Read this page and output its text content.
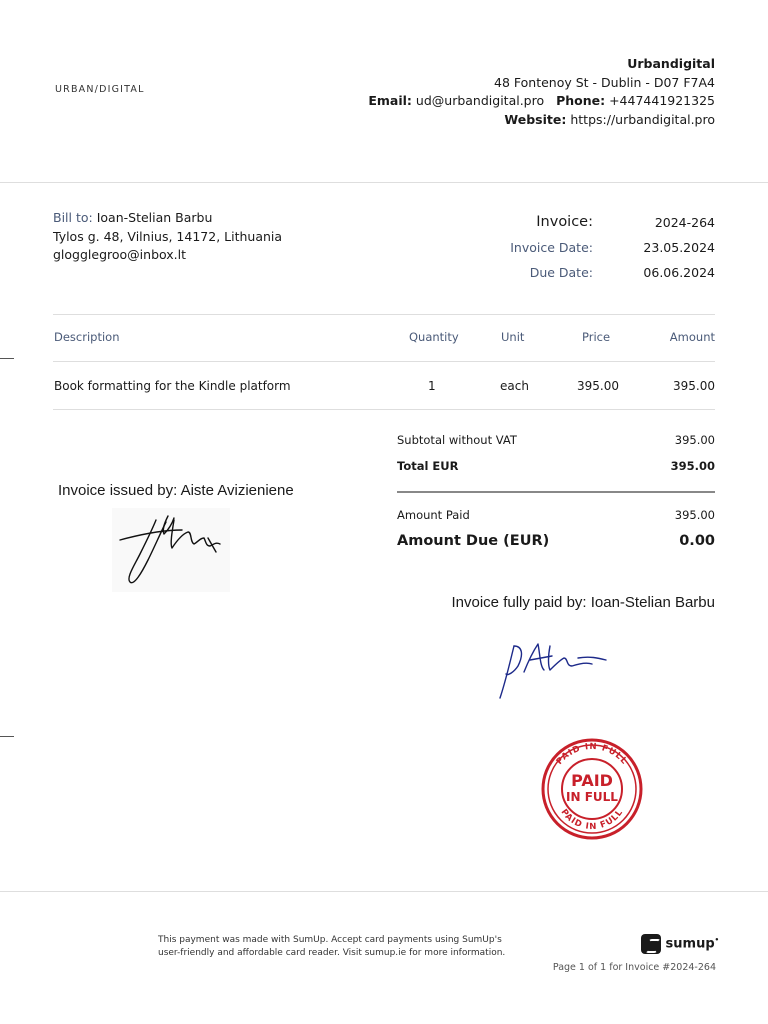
URBAN/DIGITAL
Urbandigital
48 Fontenoy St - Dublin - D07 F7A4
Email: ud@urbandigital.pro Phone: +447441921325
Website: https://urbandigital.pro
Bill to: Ioan-Stelian Barbu
Tylos g. 48, Vilnius, 14172, Lithuania
glogglegroo@inbox.lt
Invoice:	2024-264
Invoice Date:	23.05.2024
Due Date:	06.06.2024
Description	Quantity	Unit	Price	Amount
Book formatting for the Kindle platform	1	each	395.00	395.00
Subtotal without VAT	395.00
Total EUR	395.00
Amount Paid	395.00
Amount Due (EUR)	0.00
Invoice issued by: Aiste Avizieniene
Invoice fully paid by: Ioan-Stelian Barbu
PAID IN FULL
PAID IN FULL
PAID
IN FULL
This payment was made with SumUp. Accept card payments using SumUp's
user-friendly and affordable card reader. Visit sumup.ie for more information.
sumup•
Page 1 of 1 for Invoice #2024-264
